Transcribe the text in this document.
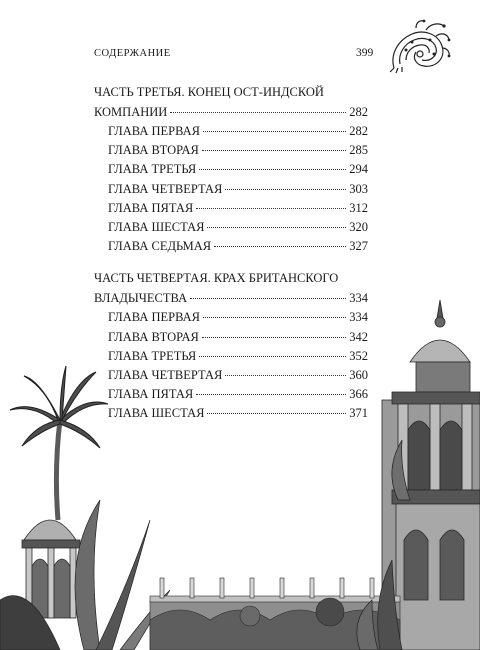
СОДЕРЖАНИЕ	399
ЧАСТЬ ТРЕТЬЯ. КОНЕЦ ОСТ-ИНДСКОЙ
КОМПАНИИ	282
ГЛАВА ПЕРВАЯ	282
ГЛАВА ВТОРАЯ	285
ГЛАВА ТРЕТЬЯ	294
ГЛАВА ЧЕТВЕРТАЯ	303
ГЛАВА ПЯТАЯ	312
ГЛАВА ШЕСТАЯ	320
ГЛАВА СЕДЬМАЯ	327
ЧАСТЬ ЧЕТВЕРТАЯ. КРАХ БРИТАНСКОГО
ВЛАДЫЧЕСТВА	334
ГЛАВА ПЕРВАЯ	334
ГЛАВА ВТОРАЯ	342
ГЛАВА ТРЕТЬЯ	352
ГЛАВА ЧЕТВЕРТАЯ	360
ГЛАВА ПЯТАЯ	366
ГЛАВА ШЕСТАЯ	371
